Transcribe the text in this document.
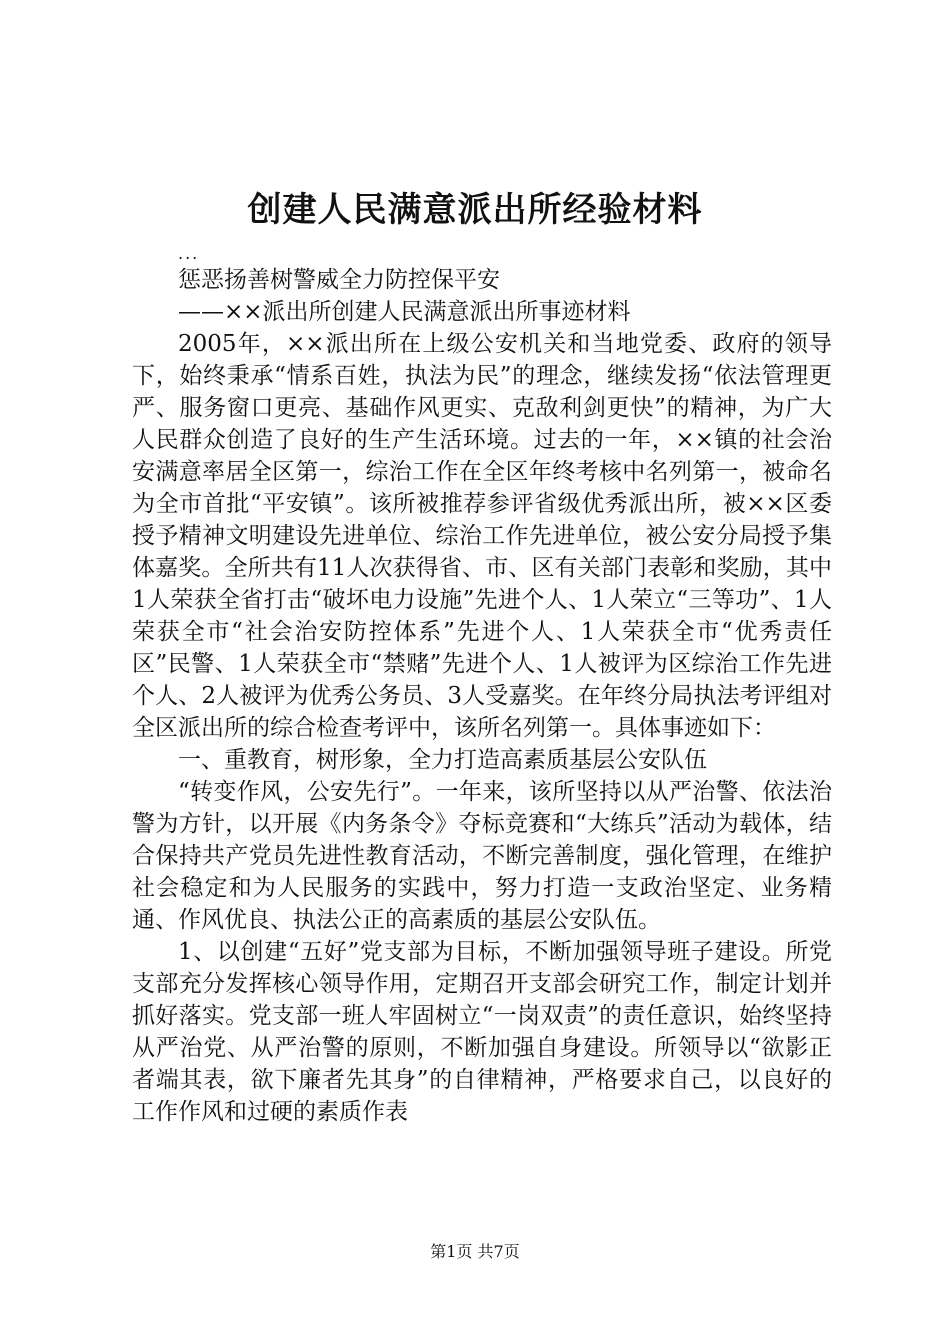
创建人民满意派出所经验材料

...

惩恶扬善树警威全力防控保平安

——××派出所创建人民满意派出所事迹材料

2005年，××派出所在上级公安机关和当地党委、政府的领导下，始终秉承“情系百姓，执法为民”的理念，继续发扬“依法管理更严、服务窗口更亮、基础作风更实、克敌利剑更快”的精神，为广大人民群众创造了良好的生产生活环境。过去的一年，××镇的社会治安满意率居全区第一，综治工作在全区年终考核中名列第一，被命名为全市首批“平安镇”。该所被推荐参评省级优秀派出所，被××区委授予精神文明建设先进单位、综治工作先进单位，被公安分局授予集体嘉奖。全所共有11人次获得省、市、区有关部门表彰和奖励，其中1人荣获全省打击“破坏电力设施”先进个人、1人荣立“三等功”、1人荣获全市“社会治安防控体系”先进个人、1人荣获全市“优秀责任区”民警、1人荣获全市“禁赌”先进个人、1人被评为区综治工作先进个人、2人被评为优秀公务员、3人受嘉奖。在年终分局执法考评组对全区派出所的综合检查考评中，该所名列第一。具体事迹如下：

一、重教育，树形象，全力打造高素质基层公安队伍

“转变作风，公安先行”。一年来，该所坚持以从严治警、依法治警为方针，以开展《内务条令》夺标竞赛和“大练兵”活动为载体，结合保持共产党员先进性教育活动，不断完善制度，强化管理，在维护社会稳定和为人民服务的实践中，努力打造一支政治坚定、业务精通、作风优良、执法公正的高素质的基层公安队伍。

1、以创建“五好”党支部为目标，不断加强领导班子建设。所党支部充分发挥核心领导作用，定期召开支部会研究工作，制定计划并抓好落实。党支部一班人牢固树立“一岗双责”的责任意识，始终坚持从严治党、从严治警的原则，不断加强自身建设。所领导以“欲影正者端其表，欲下廉者先其身”的自律精神，严格要求自己，以良好的工作作风和过硬的素质作表

第1页 共7页
